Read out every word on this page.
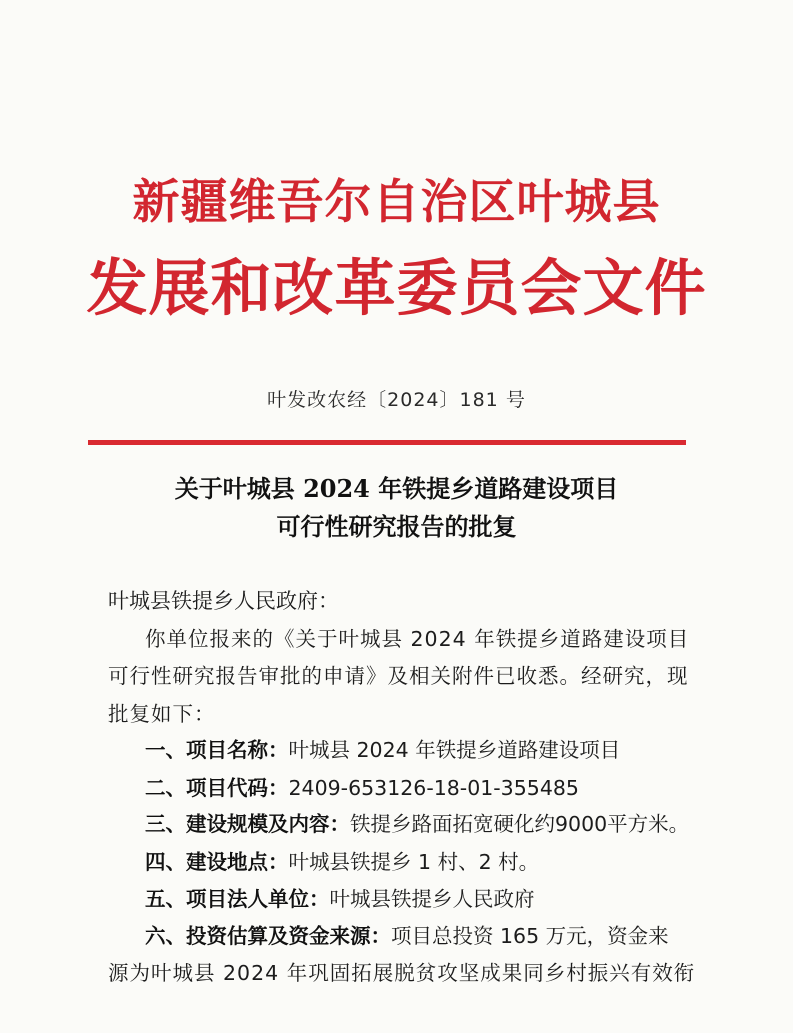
新疆维吾尔自治区叶城县
发展和改革委员会文件
叶发改农经〔2024〕181 号
关于叶城县 2024 年铁提乡道路建设项目
可行性研究报告的批复
叶城县铁提乡人民政府：
你单位报来的《关于叶城县 2024 年铁提乡道路建设项目
可行性研究报告审批的申请》及相关附件已收悉。经研究，现
批复如下：
一、项目名称：叶城县 2024 年铁提乡道路建设项目
二、项目代码：2409-653126-18-01-355485
三、建设规模及内容：铁提乡路面拓宽硬化约9000平方米。
四、建设地点：叶城县铁提乡 1 村、2 村。
五、项目法人单位：叶城县铁提乡人民政府
六、投资估算及资金来源：项目总投资 165 万元，资金来
源为叶城县 2024 年巩固拓展脱贫攻坚成果同乡村振兴有效衔
